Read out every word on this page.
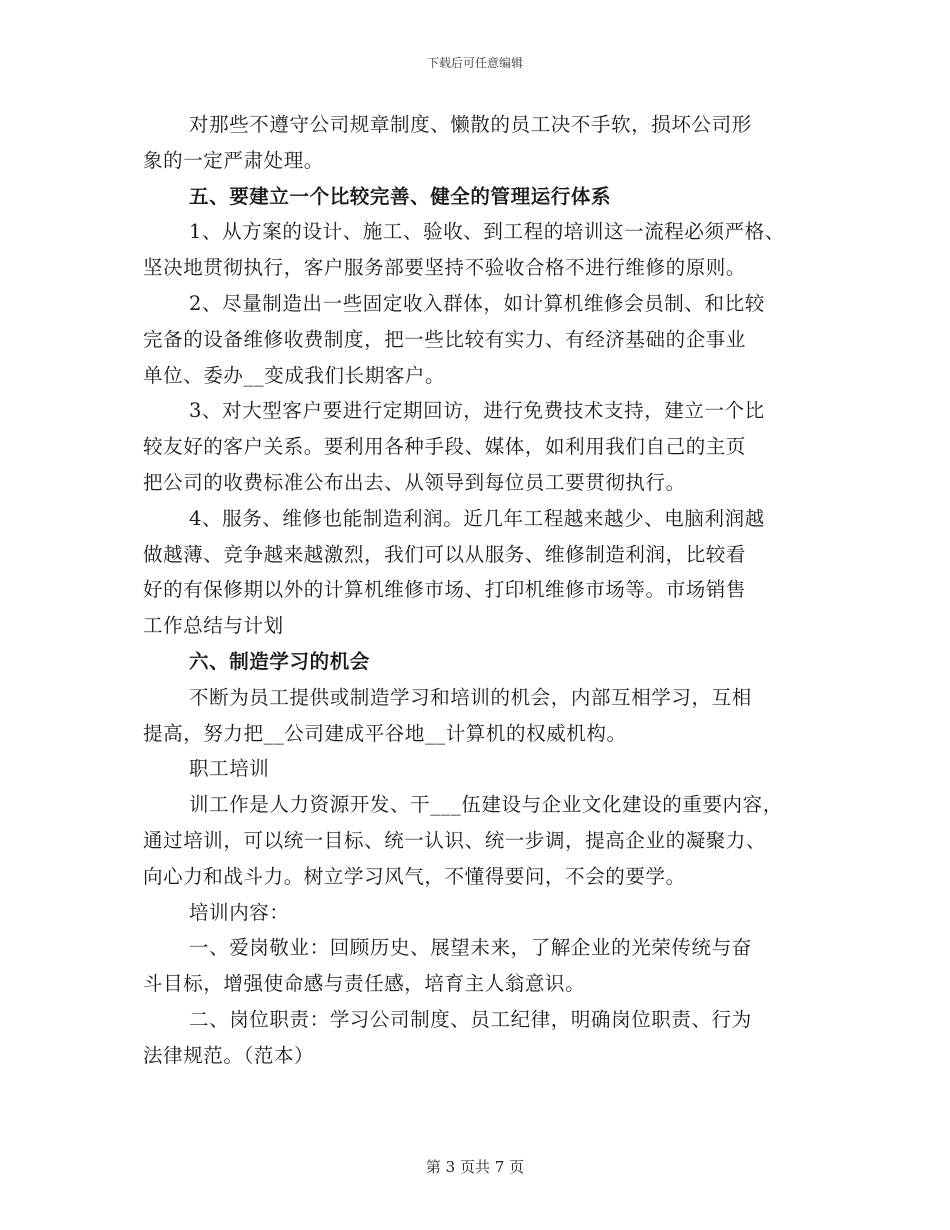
下载后可任意编辑
对那些不遵守公司规章制度、懒散的员工决不手软，损坏公司形
象的一定严肃处理。
五、要建立一个比较完善、健全的管理运行体系
1、从方案的设计、施工、验收、到工程的培训这一流程必须严格、
坚决地贯彻执行，客户服务部要坚持不验收合格不进行维修的原则。
2、尽量制造出一些固定收入群体，如计算机维修会员制、和比较
完备的设备维修收费制度，把一些比较有实力、有经济基础的企事业
单位、委办__变成我们长期客户。
3、对大型客户要进行定期回访，进行免费技术支持，建立一个比
较友好的客户关系。要利用各种手段、媒体，如利用我们自己的主页
把公司的收费标准公布出去、从领导到每位员工要贯彻执行。
4、服务、维修也能制造利润。近几年工程越来越少、电脑利润越
做越薄、竞争越来越激烈，我们可以从服务、维修制造利润，比较看
好的有保修期以外的计算机维修市场、打印机维修市场等。市场销售
工作总结与计划
六、制造学习的机会
不断为员工提供或制造学习和培训的机会，内部互相学习，互相
提高，努力把__公司建成平谷地__计算机的权威机构。
职工培训
训工作是人力资源开发、干___伍建设与企业文化建设的重要内容，
通过培训，可以统一目标、统一认识、统一步调，提高企业的凝聚力、
向心力和战斗力。树立学习风气，不懂得要问，不会的要学。
培训内容：
一、爱岗敬业：回顾历史、展望未来，了解企业的光荣传统与奋
斗目标，增强使命感与责任感，培育主人翁意识。
二、岗位职责：学习公司制度、员工纪律，明确岗位职责、行为
法律规范。（范本）
第 3 页共 7 页
